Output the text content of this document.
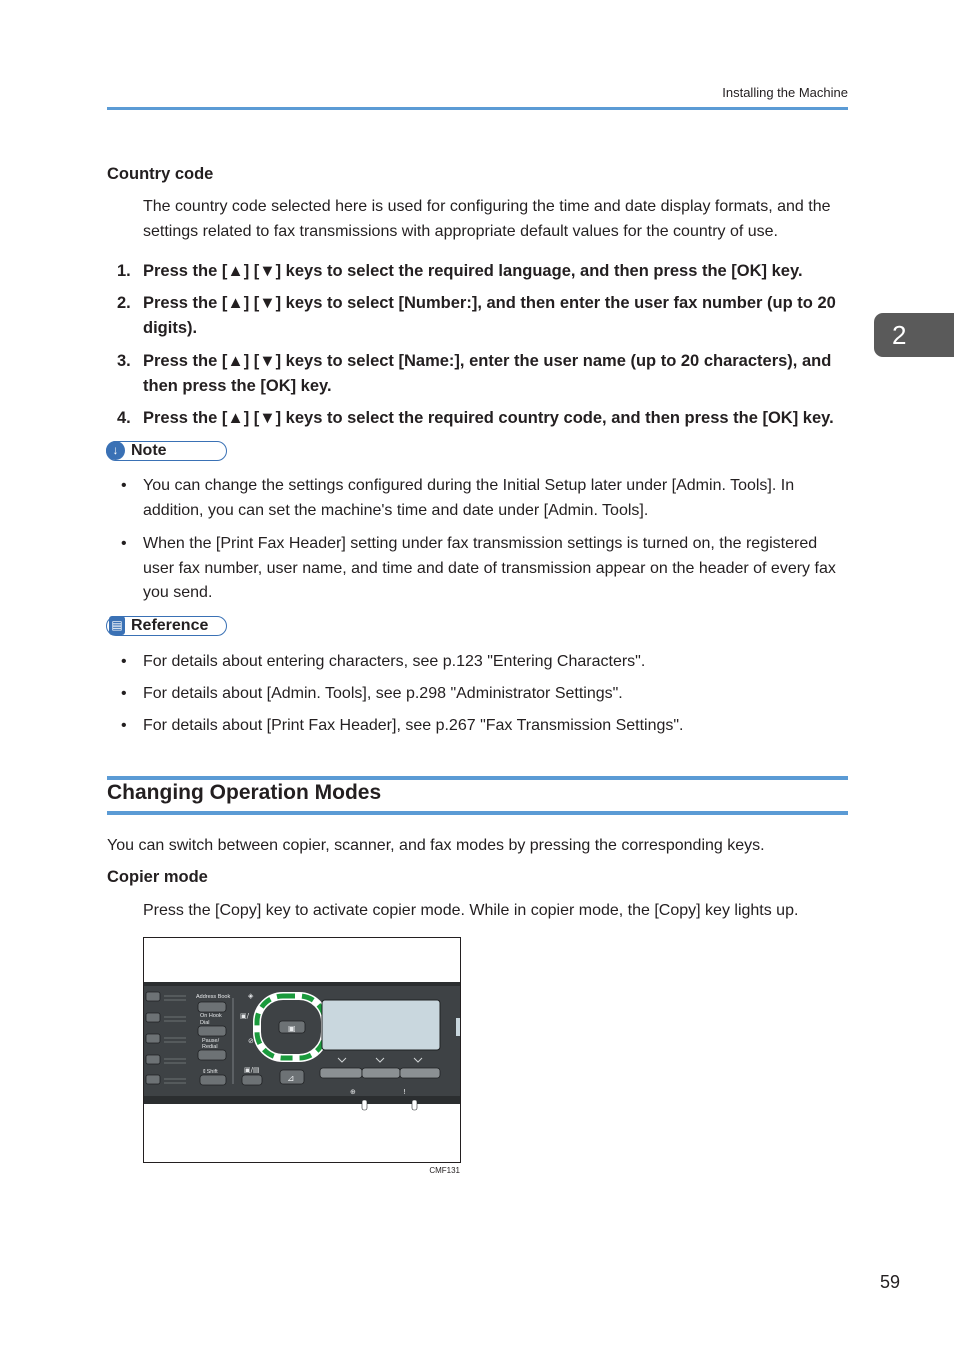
Installing the Machine
2
Country code
The country code selected here is used for configuring the time and date display formats, and the settings related to fax transmissions with appropriate default values for the country of use.
1. Press the [▲] [▼] keys to select the required language, and then press the [OK] key.
2. Press the [▲] [▼] keys to select [Number:], and then enter the user fax number (up to 20 digits).
3. Press the [▲] [▼] keys to select [Name:], enter the user name (up to 20 characters), and then press the [OK] key.
4. Press the [▲] [▼] keys to select the required country code, and then press the [OK] key.
↓ Note
• You can change the settings configured during the Initial Setup later under [Admin. Tools]. In addition, you can set the machine's time and date under [Admin. Tools].
• When the [Print Fax Header] setting under fax transmission settings is turned on, the registered user fax number, user name, and time and date of transmission appear on the header of every fax you send.
▤ Reference
• For details about entering characters, see p.123 "Entering Characters".
• For details about [Admin. Tools], see p.298 "Administrator Settings".
• For details about [Print Fax Header], see p.267 "Fax Transmission Settings".
Changing Operation Modes
You can switch between copier, scanner, and fax modes by pressing the corresponding keys.
Copier mode
Press the [Copy] key to activate copier mode. While in copier mode, the [Copy] key lights up.
Address Book
On Hook
Dial
Pause/
Redial
⇕Shift
◈
▣/
⊘
▣/▤
▣
⊿
⊕	!
CMF131
59
